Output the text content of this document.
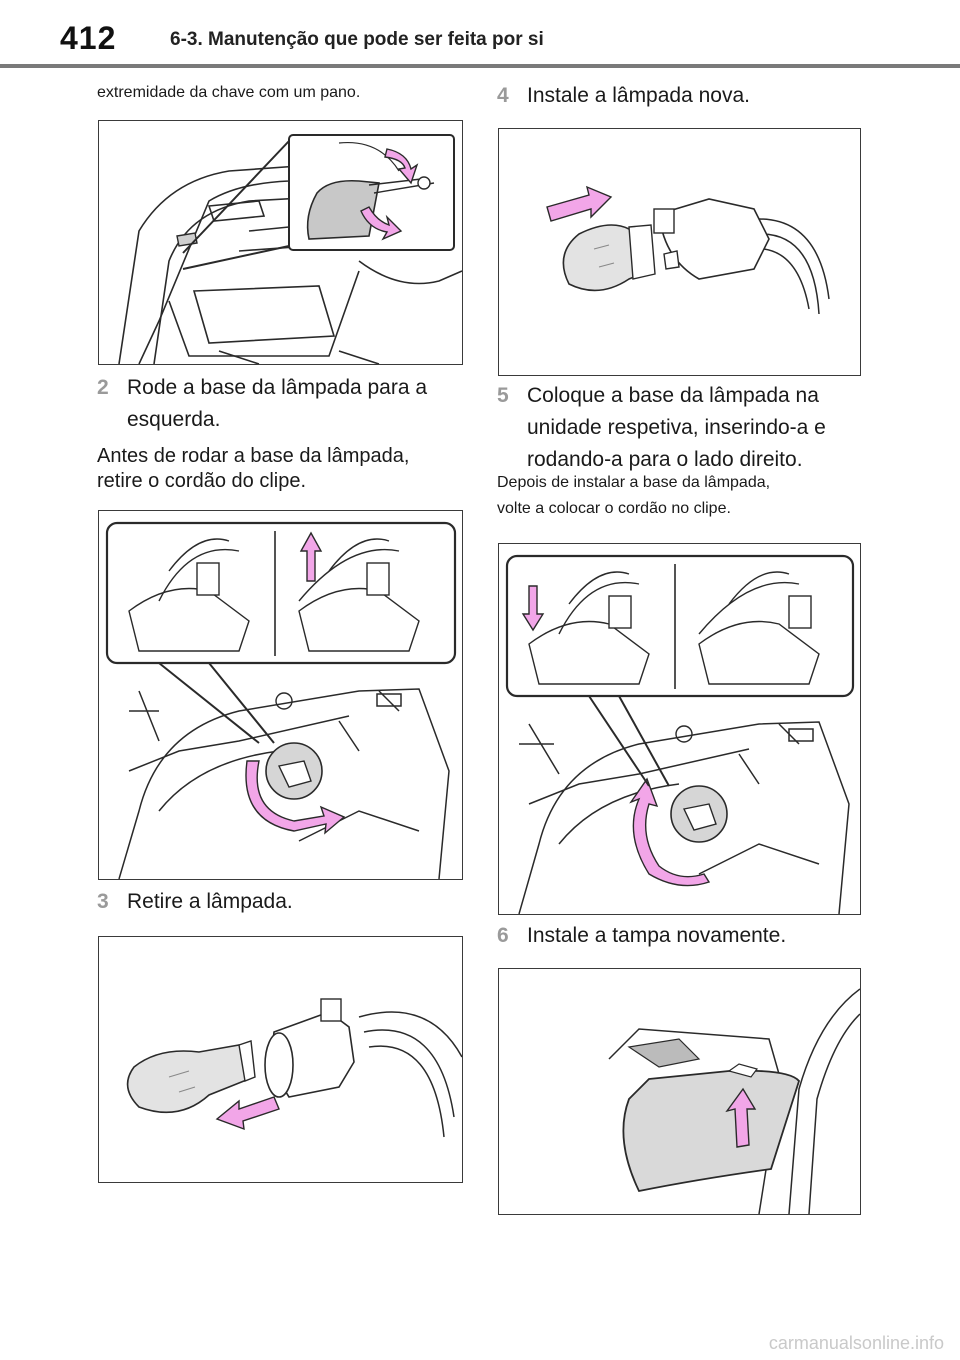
412	6-3. Manutenção que pode ser feita por si
extremidade da chave com um pano.
2 Rode a base da lâmpada para a
esquerda.
Antes de rodar a base da lâmpada,
retire o cordão do clipe.
3 Retire a lâmpada.
4 Instale a lâmpada nova.
5 Coloque a base da lâmpada na
unidade respetiva, inserindo-a e
rodando-a para o lado direito.
Depois de instalar a base da lâmpada,
volte a colocar o cordão no clipe.
6 Instale a tampa novamente.
carmanualsonline.info
